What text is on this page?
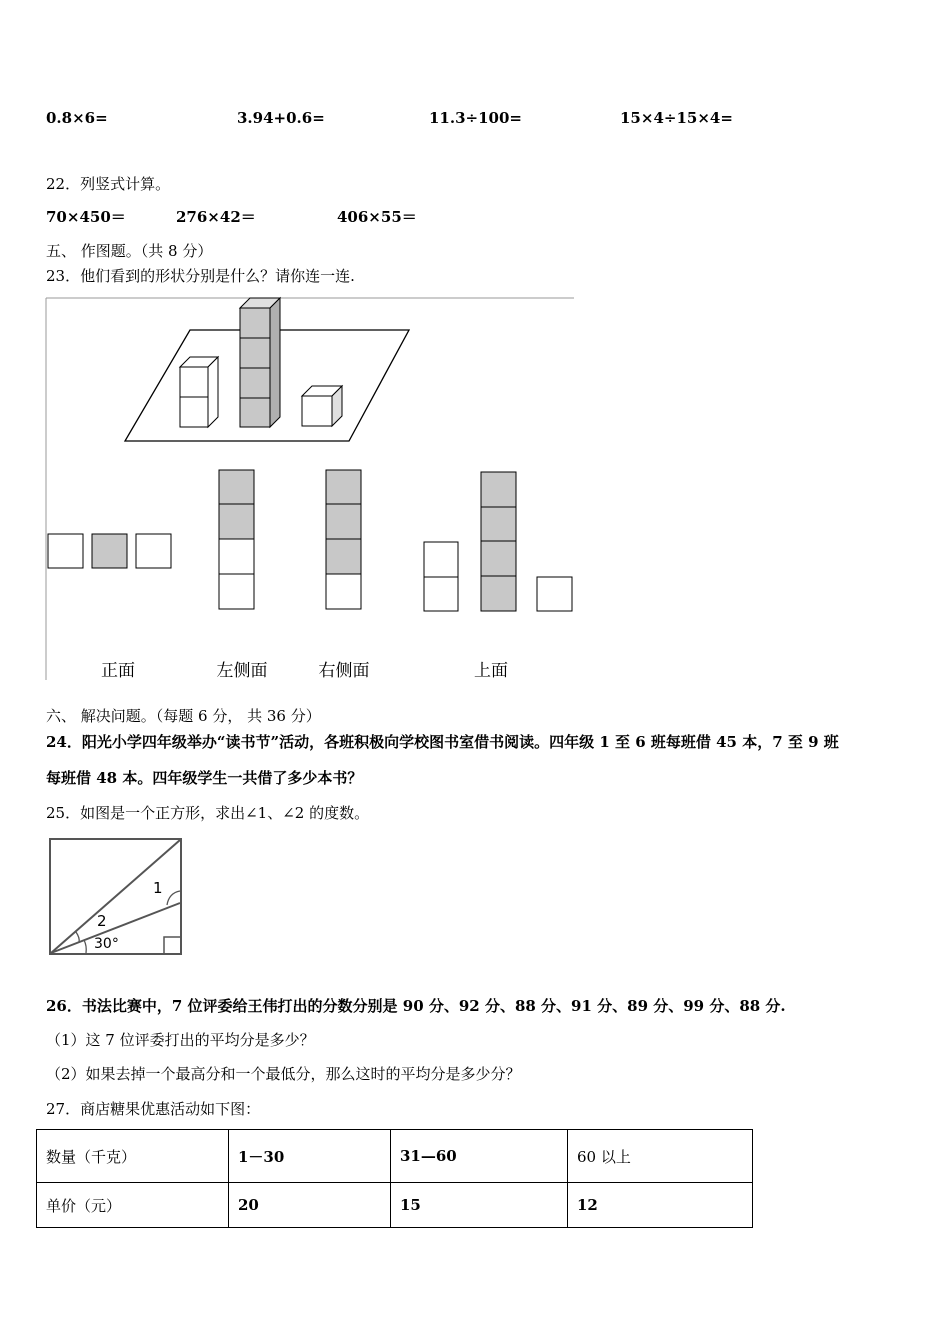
0.8×6=	3.94+0.6=	11.3÷100=	15×4÷15×4=
22．列竖式计算。
70×450＝	276×42＝	406×55＝
五、 作图题。（共 8 分）
23．他们看到的形状分别是什么？请你连一连.
正面	左侧面	右侧面	上面
六、 解决问题。（每题 6 分， 共 36 分）
24．阳光小学四年级举办“读书节”活动，各班积极向学校图书室借书阅读。四年级 1 至 6 班每班借 45 本，7 至 9 班
每班借 48 本。四年级学生一共借了多少本书？
25．如图是一个正方形，求出∠1、∠2 的度数。
1
2
30°
26．书法比赛中，7 位评委给王伟打出的分数分别是 90 分、92 分、88 分、91 分、89 分、99 分、88 分.
（1）这 7 位评委打出的平均分是多少？
（2）如果去掉一个最高分和一个最低分，那么这时的平均分是多少分？
27．商店糖果优惠活动如下图：
数量（千克）	1－30	31—60	60 以上
单价（元）	20	15	12
